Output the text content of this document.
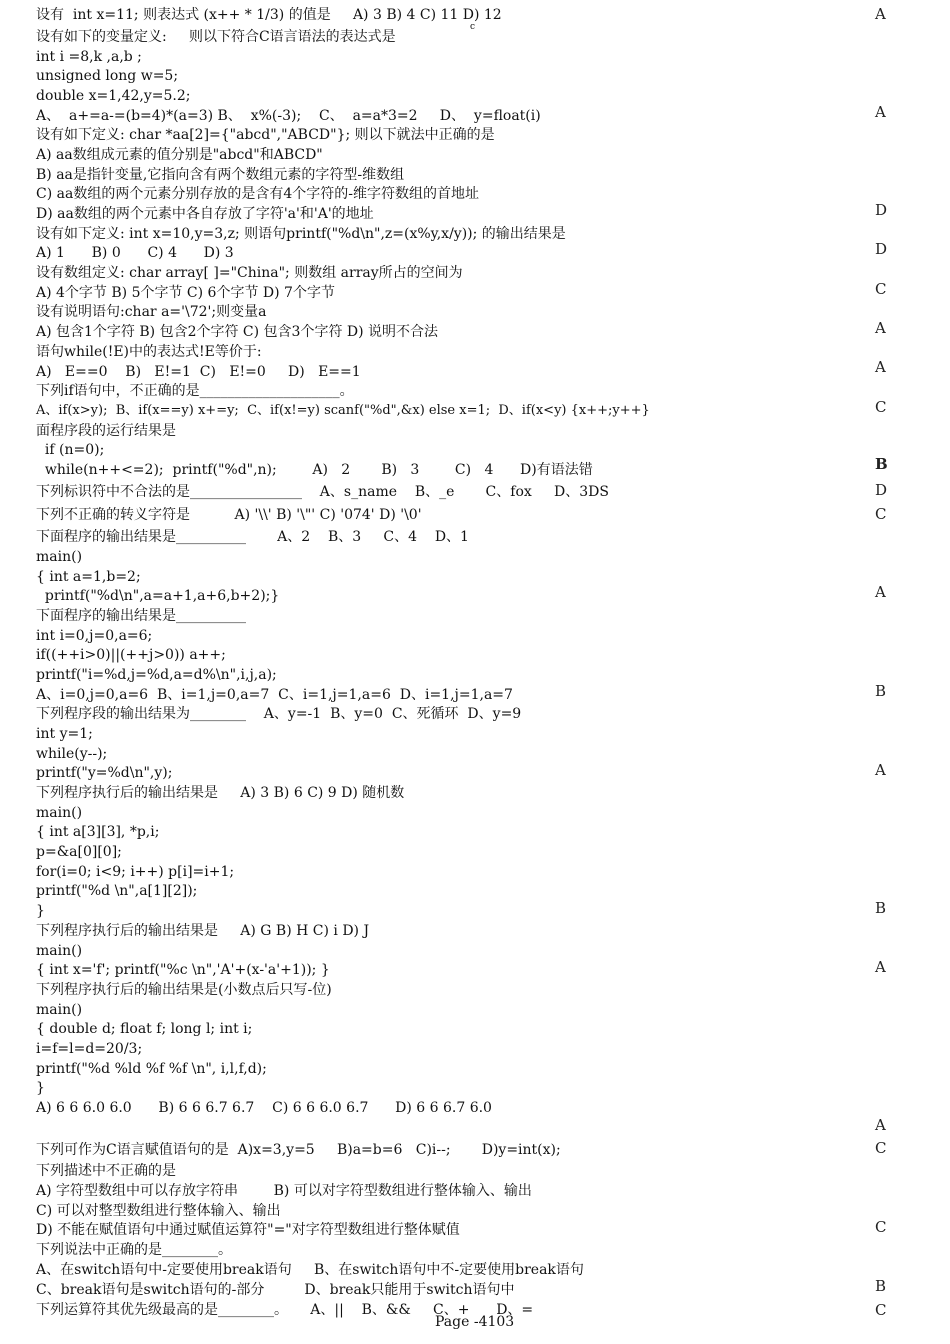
设有  int x=11; 则表达式 (x++ * 1/3) 的值是     A) 3 B) 4 C) 11 D) 12
c
设有如下的变量定义:     则以下符合C语言语法的表达式是
int i =8,k ,a,b ;
unsigned long w=5;
double x=1,42,y=5.2;
A、  a+=a-=(b=4)*(a=3) B、  x%(-3);    C、  a=a*3=2     D、  y=float(i)
设有如下定义: char *aa[2]={"abcd","ABCD"}; 则以下就法中正确的是
A) aa数组成元素的值分别是"abcd"和ABCD"
B) aa是指针变量,它指向含有两个数组元素的字符型-维数组
C) aa数组的两个元素分别存放的是含有4个字符的-维字符数组的首地址
D) aa数组的两个元素中各自存放了字符'a'和'A'的地址
设有如下定义: int x=10,y=3,z; 则语句printf("%d\n",z=(x%y,x/y)); 的输出结果是
A) 1      B) 0      C) 4      D) 3
设有数组定义: char array[ ]="China"; 则数组 array所占的空间为
A) 4个字节 B) 5个字节 C) 6个字节 D) 7个字节
设有说明语句:char a='\72';则变量a
A) 包含1个字符 B) 包含2个字符 C) 包含3个字符 D) 说明不合法
语句while(!E)中的表达式!E等价于:
A)   E==0    B)   E!=1  C)   E!=0     D)   E==1
下列if语句中，不正确的是____________________。
A、if(x>y);  B、if(x==y) x+=y;  C、if(x!=y) scanf("%d",&x) else x=1;  D、if(x<y) {x++;y++}
面程序段的运行结果是
if (n=0);
while(n++<=2);  printf("%d",n);        A)   2       B)   3        C)   4      D)有语法错
下列标识符中不合法的是________________    A、s_name    B、_e       C、fox     D、3DS
下列不正确的转义字符是          A) '\\' B) '\"' C) '074' D) '\0'
下面程序的输出结果是__________       A、2    B、3     C、4    D、1
main()
{ int a=1,b=2;
printf("%d\n",a=a+1,a+6,b+2);}
下面程序的输出结果是__________
int i=0,j=0,a=6;
if((++i>0)||(++j>0)) a++;
printf("i=%d,j=%d,a=d%\n",i,j,a);
A、i=0,j=0,a=6  B、i=1,j=0,a=7  C、i=1,j=1,a=6  D、i=1,j=1,a=7
下列程序段的输出结果为________    A、y=-1  B、y=0  C、死循环  D、y=9
int y=1;
while(y--);
printf("y=%d\n",y);
下列程序执行后的输出结果是     A) 3 B) 6 C) 9 D) 随机数
main()
{ int a[3][3], *p,i;
p=&a[0][0];
for(i=0; i<9; i++) p[i]=i+1;
printf("%d \n",a[1][2]);
}
下列程序执行后的输出结果是     A) G B) H C) i D) J
main()
{ int x='f'; printf("%c \n",'A'+(x-'a'+1)); }
下列程序执行后的输出结果是(小数点后只写-位)
main()
{ double d; float f; long l; int i;
i=f=l=d=20/3;
printf("%d %ld %f %f \n", i,l,f,d);
}
A) 6 6 6.0 6.0      B) 6 6 6.7 6.7    C) 6 6 6.0 6.7      D) 6 6 6.7 6.0
下列可作为C语言赋值语句的是  A)x=3,y=5     B)a=b=6   C)i--;       D)y=int(x);
下列描述中不正确的是
A) 字符型数组中可以存放字符串        B) 可以对字符型数组进行整体输入、输出
C) 可以对整型数组进行整体输入、输出
D) 不能在赋值语句中通过赋值运算符"="对字符型数组进行整体赋值
下列说法中正确的是________。
A、在switch语句中-定要使用break语句     B、在switch语句中不-定要使用break语句
C、break语句是switch语句的-部分         D、break只能用于switch语句中
下列运算符其优先级最高的是________。     A、||    B、&&     C、+      D、=
A
A
D
D
C
A
A
C
B
D
C
A
B
A
B
A
A
C
C
B
C
Page -4103
